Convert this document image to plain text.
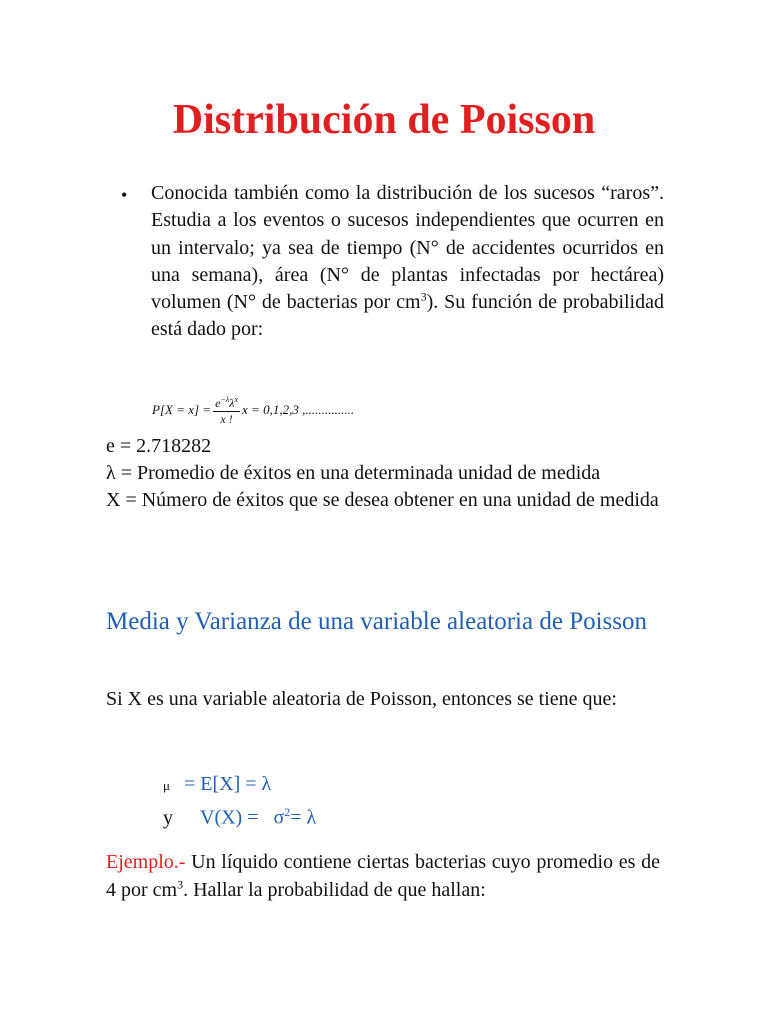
Distribución de Poisson
• Conocida también como la distribución de los sucesos “raros”. Estudia a los eventos o sucesos independientes que ocurren en un intervalo; ya sea de tiempo (N° de accidentes ocurridos en una semana), área (N° de plantas infectadas por hectárea) volumen (N° de bacterias por $cm^3$). Su función de probabilidad está dado por:
$P[X = x] = \frac{e^{-\lambda}\lambda^x}{x !}$ x = 0,1,2,3 ,...............

e = 2.718282

λ = Promedio de éxitos en una determinada unidad de medida

X = Número de éxitos que se desea obtener en una unidad de medida

Media y Varianza de una variable aleatoria de Poisson

Si X es una variable aleatoria de Poisson, entonces se tiene que:

μ = E[X] = λ
y $V(X) = \sigma^2= \lambda$

Ejemplo.- Un líquido contiene ciertas bacterias cuyo promedio es de 4 por $cm^3$. Hallar la probabilidad de que hallan:
